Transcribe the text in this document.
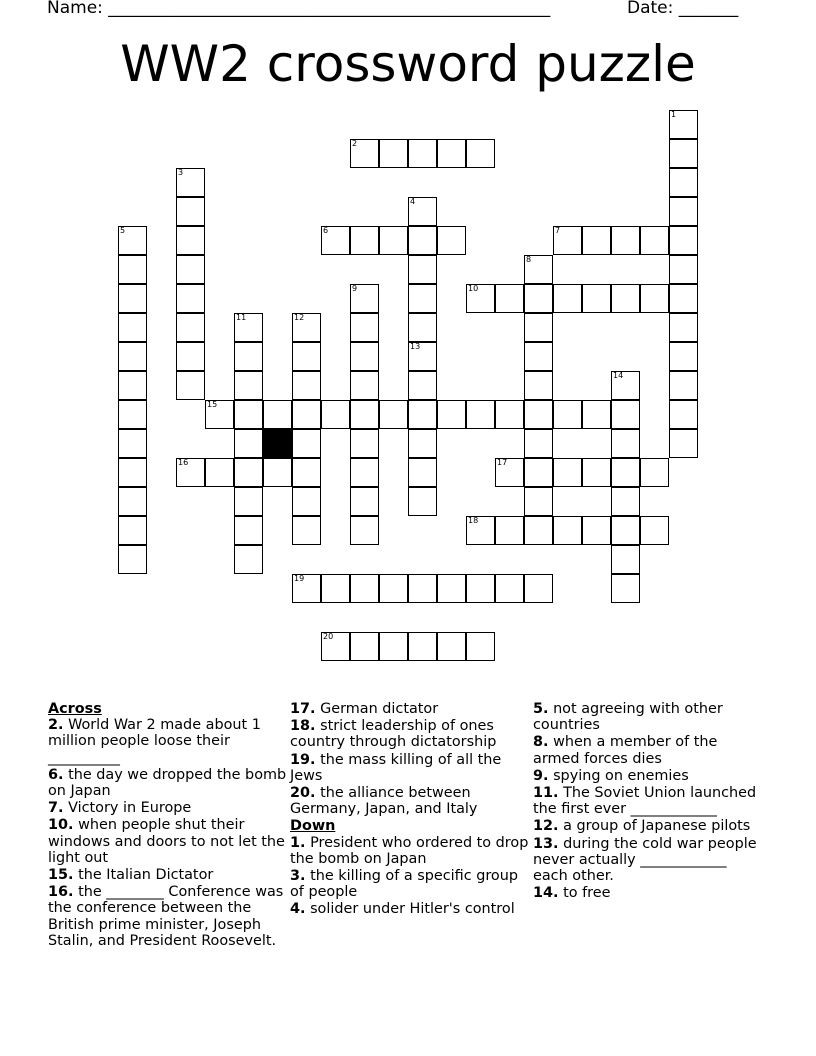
Name: ____________________________________________________	Date: _______
WW2 crossword puzzle
1
2
3
4
5	6	7
8
9	10
11	12
13
14
15
16	17
18
19
20
Across
2. World War 2 made about 1 million people loose their __________
6. the day we dropped the bomb on Japan
7. Victory in Europe
10. when people shut their windows and doors to not let the light out
15. the Italian Dictator
16. the ________ Conference was the conference between the British prime minister, Joseph Stalin, and President Roosevelt.
17. German dictator
18. strict leadership of ones country through dictatorship
19. the mass killing of all the Jews
20. the alliance between Germany, Japan, and Italy
Down
1. President who ordered to drop the bomb on Japan
3. the killing of a specific group of people
4. solider under Hitler's control
5. not agreeing with other countries
8. when a member of the armed forces dies
9. spying on enemies
11. The Soviet Union launched the first ever ____________
12. a group of Japanese pilots
13. during the cold war people never actually ____________ each other.
14. to free
